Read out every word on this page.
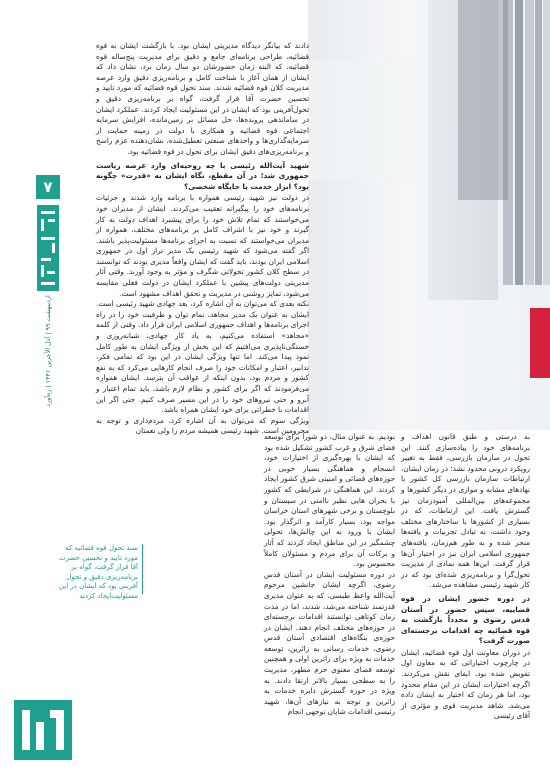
دادند که بیانگر دیدگاه مدیریتی ایشان بود. با بازگشت ایشان به قوه قضائیه، طراحی برنامه‌ای جامع و دقیق برای مدیریت پنج‌ساله قوه قضائیه، که البته زمان حضورشان دو سال زمان برد، نشان داد که ایشان از همان آغاز با شناخت کامل و برنامه‌ریزی دقیق وارد عرصه مدیریت کلان قوه قضائیه شدند. سند تحول قوه قضائیه که مورد تایید و تحسین حضرت آقا قرار گرفت، گواه بر برنامه‌ریزی دقیق و تحول‌آفرینی بود که ایشان در این مسئولیت ایجاد کردند. عملکرد ایشان در ساماندهی پرونده‌ها، حل مسائل بر زمین‌مانده، افزایش سرمایه اجتماعی قوه قضائیه و همکاری با دولت در زمینه حمایت از سرمایه‌گذاری‌ها و واحدهای صنعتی تعطیل‌شده، نشان‌دهنده عزم راسخ و برنامه‌ریزی‌های دقیق ایشان برای تحول در قوه قضائیه بود.

شهید آیت‌الله رئیسی با چه روحیه‌ای وارد عرصه ریاست جمهوری شد؛ در آن مقطع، نگاه ایشان به «قدرت» چگونه بود؟ ابزار خدمت یا جایگاه شخصی؟

در دولت نیز شهید رئیسی همواره با برنامه وارد شدند و جزئیات برنامه‌های خود را پیگیرانه تعقیب می‌کردند. ایشان از مدیران خود می‌خواستند که تمام تلاش خود را برای پیشبرد اهداف دولت به کار گیرند و خود نیز با اشراف کامل بر برنامه‌های مختلف، همواره از مدیران می‌خواستند که نسبت به اجرای برنامه‌ها مسئولیت‌پذیر باشند. اگر گفته می‌شود که شهید رئیسی یک مدیر تراز اول در جمهوری اسلامی ایران بودند، باید گفت که ایشان واقعاً مدیری بودند که توانستند در سطح کلان کشور تحولاتی شگرف و مؤثر به وجود آورند. وقتی آثار مدیریتی دولت‌های پیشین با عملکرد ایشان در دولت فعلی مقایسه می‌شود، تمایز روشنی در مدیریت و تحقق اهداف مشهود است.

نکته بعدی که می‌توان به آن اشاره کرد، بعد جهادی شهید رئیسی است. ایشان به عنوان یک مدیر مجاهد، تمام توان و ظرفیت خود را در راه اجرای برنامه‌ها و اهداف جمهوری اسلامی ایران قرار داد. وقتی از کلمه «مجاهد» استفاده می‌کنیم، به یاد کار جهادی، شبانه‌روزی و خستگی‌ناپذیری می‌افتیم که این بخش از ویژگی ایشان به طور کامل نمود پیدا می‌کند. اما تنها ویژگی ایشان در این بود که تمامی فکر، تدابیر، اعتبار و امکانات خود را صرف انجام کارهایی می‌کرد که به نفع کشور و مردم بود، بدون اینکه از عواقب آن بترسد. ایشان همواره می‌فرمودند که اگر برای کشور و نظام لازم باشد، باید تمام اعتبار و آبرو و حتی نیروهای خود را در این مسیر صرف کنیم. حتی اگر این اقدامات با خطراتی برای خود ایشان همراه باشد.

ویژگی سوم که می‌توان به آن اشاره کرد، مردم‌داری و توجه به محرومین است. شهید رئیسی همیشه مردم را ولی نعمتان

بودیم. به عنوان مثال، دو شورا برای توسعه فضای شرق و غرب کشور تشکیل شده بود که ایشان با بهره‌گیری از اختیارات خود، انسجام و هماهنگی بسیار خوبی در حوزه‌های قضائی و امنیتی شرق کشور ایجاد کردند. این هماهنگی در شرایطی که کشور با بحران هایی نظیر ناامنی در سیستان و بلوچستان و برخی شهرهای استان خراسان مواجه بود، بسیار کارآمد و اثرگذار بود. ایشان با ورود به این چالش‌ها، تحولی چشمگیر در این مناطق ایجاد کردند که آثار و برکات آن برای مردم و مسئولان کاملاً محسوس بود.

در دوره مسئولیت ایشان در آستان قدس رضوی، اگرچه ایشان جانشین مرحوم آیت‌الله واعظ طبسی، که به عنوان مدیری قدرتمند شناخته می‌شد، شدند، اما در مدت زمان کوتاهی توانستند اقدامات برجسته‌ای در حوزه‌های مختلف انجام دهند. ایشان در حوزه‌ی بنگاه‌های اقتصادی آستان قدس رضوی، خدمات رسانی به زائرین، توسعه خدمات به ویژه برای زائرین اولی و همچنین توسعه فضای معنوی حرم مطهر، مدیریت را به سطحی بسیار بالاتر ارتقا دادند. به ویژه در حوزه گسترش دایره خدمات به زائرین و توجه به نیازهای آن‌ها، شهید رئیسی اقدامات شایان توجهی انجام

به درستی و طبق قانون اهداف و برنامه‌های خود را پیاده‌سازی کنند. این تحول در سازمان بازرسی، فقط به تغییر رویکرد درونی محدود نشد؛ در زمان ایشان، ارتباطات سازمان بازرسی کل کشور با نهادهای مشابه و موازی در دیگر کشورها و مجموعه‌های بین‌المللی آمبودزمان نیز گسترش یافت. این ارتباطات، که در بسیاری از کشورها با ساختارهای مختلف وجود داشت، به تبادل تجربیات و یافته‌ها منجر شده و به طور هم‌زمان، یافته‌های جمهوری اسلامی ایران نیز در اختیار آن‌ها قرار گرفت. این‌ها همه نمادی از مدیریت تحول‌گرا و برنامه‌ریزی شده‌ای بود که در کار شهید رئیسی مشاهده می‌شد.

در دوره حضور ایشان در قوه قضاییه، سپس حضور در آستان قدس رضوی و مجدداً بازگشت به قوه قضائیه چه اقدامات برجسته‌ای صورت گرفت؟

در دوران معاونت اول قوه قضائیه، ایشان در چارچوب اختیاراتی که به معاون اول تفویض شده بود، ایفای نقش می‌کردند. اگرچه اختیارات ایشان در این مقام محدود بود، اما هر زمان که اختیار به ایشان داده می‌شد، شاهد مدیریت قوی و مؤثری از آقای رئیسی

۷
اردیبهشت ۹۹ | آدل الأجرین ۱۴۴۱ | ره‌آورد
سند تحول قوه قضائیه که مورد تایید و تحسین حضرت آقا قرار گرفت، گواه بر برنامه‌ریزی دقیق و تحول آفرینی بود که ایشان در این مسئولیت‌ایجاد کردند
